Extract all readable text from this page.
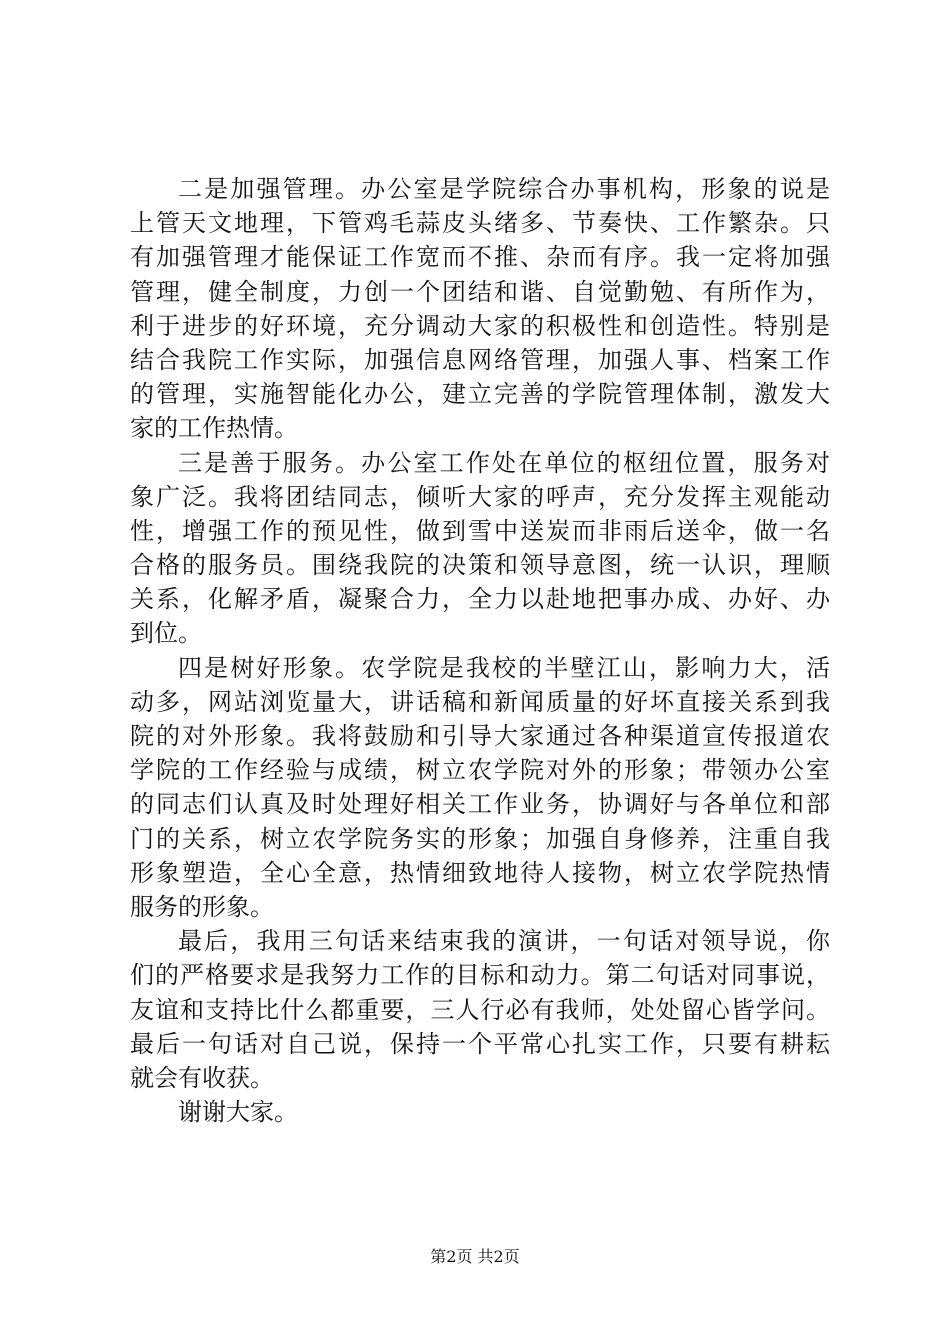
二是加强管理。办公室是学院综合办事机构，形象的说是
上管天文地理，下管鸡毛蒜皮头绪多、节奏快、工作繁杂。只
有加强管理才能保证工作宽而不推、杂而有序。我一定将加强
管理，健全制度，力创一个团结和谐、自觉勤勉、有所作为，
利于进步的好环境，充分调动大家的积极性和创造性。特别是
结合我院工作实际，加强信息网络管理，加强人事、档案工作
的管理，实施智能化办公，建立完善的学院管理体制，激发大
家的工作热情。
三是善于服务。办公室工作处在单位的枢纽位置，服务对
象广泛。我将团结同志，倾听大家的呼声，充分发挥主观能动
性，增强工作的预见性，做到雪中送炭而非雨后送伞，做一名
合格的服务员。围绕我院的决策和领导意图，统一认识，理顺
关系，化解矛盾，凝聚合力，全力以赴地把事办成、办好、办
到位。
四是树好形象。农学院是我校的半壁江山，影响力大，活
动多，网站浏览量大，讲话稿和新闻质量的好坏直接关系到我
院的对外形象。我将鼓励和引导大家通过各种渠道宣传报道农
学院的工作经验与成绩，树立农学院对外的形象；带领办公室
的同志们认真及时处理好相关工作业务，协调好与各单位和部
门的关系，树立农学院务实的形象；加强自身修养，注重自我
形象塑造，全心全意，热情细致地待人接物，树立农学院热情
服务的形象。
最后，我用三句话来结束我的演讲，一句话对领导说，你
们的严格要求是我努力工作的目标和动力。第二句话对同事说，
友谊和支持比什么都重要，三人行必有我师，处处留心皆学问。
最后一句话对自己说，保持一个平常心扎实工作，只要有耕耘
就会有收获。
谢谢大家。
第2页 共2页
